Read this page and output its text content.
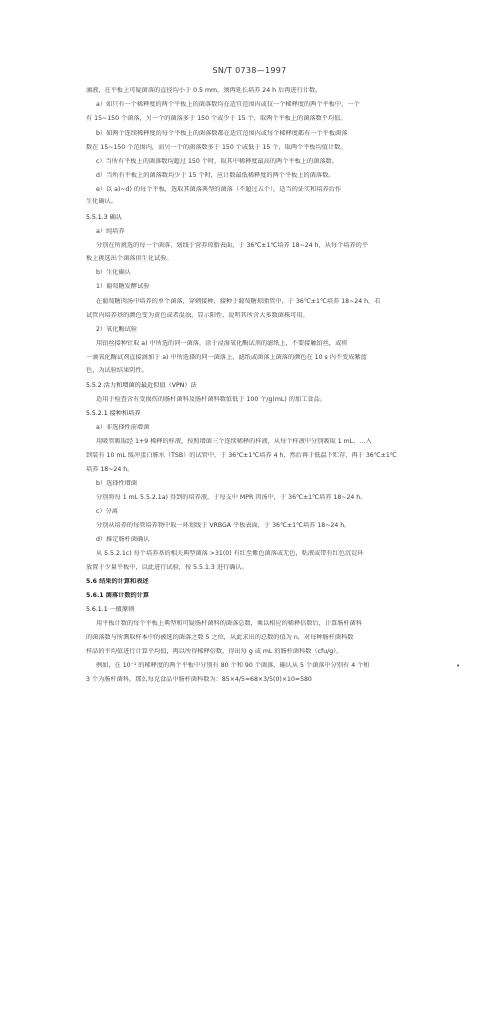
SN/T 0738—1997
滴液，在平板上可疑菌落的直径均小于 0.5 mm，须再延长培养 24 h 后再进行计数。
a）如只有一个稀释度的两个平板上的菌落数均在适宜范围内或仅一个稀释度的两个平板中，一个
有 15~150 个菌落，另一个的菌落多于 150 个或少于 15 个，取两个平板上的菌落数平均值。
b）如两个连续稀释度的每个平板上的菌落数都在适宜范围内或每个稀释度都有一个平板菌落
数在 15~150 个范围内，而另一个的菌落数多于 150 个或低于 15 个，取两个平板均值计数。
c）当所有平板上的菌落数均超过 150 个时，取其中稀释度最高的两个平板上的菌落数。
d）当所有平板上的菌落数均少于 15 个时，应计数最低稀释度的两个平板上的菌落数。
e）以 a)~d) 的每个平板，选取其菌落典型的菌落（不超过五个），适当的证实和培养后作
生化确认。
5.5.1.3 确认
a）纯培养
分别在所挑选的每一个菌落，划线于营养琼脂表面，于 36℃±1℃培养 18~24 h，从每个培养的平
板上挑选出个菌落供生化试验。
b）生化确认
1）葡萄糖发酵试验
在葡萄糖肉汤中培养的单个菌落，穿刺接种，接种于葡萄糖琼脂管中，于 36℃±1℃培养 18~24 h，若
试管内培养基的颜色变为黄色或者混浊，显示阳性，说明其所含大多数菌株可用。
2）氧化酶试验
用铂丝接种针取 a) 中所选的同一菌落，涂于浸湿氧化酶试剂的滤纸上，不要接触铂丝，或将
一滴氧化酶试剂直接滴加于 a) 中所选择的同一菌落上，滤纸或菌落上菌落的颜色在 10 s 内不变成紫蓝
色，为试验结果阴性。
5.5.2 活力和增菌的最近似值（VPN）法
适用于检查含有受损伤的肠杆菌科及肠杆菌科数值低于 100 个/g(mL) 的加工食品。
5.5.2.1 接种和培养
a）非选择性前增菌
用吸管吸取经 1+9 稀释的样液，按照增菌三个连续稀释的样液，从每个样液中分别吸取 1 mL，…入
到装有 10 mL 缓冲蛋白胨水（TSB）的试管中，于 36℃±1℃培养 4 h，然后再于低温下贮存，再于 36℃±1℃
培养 18~24 h。
b）选择性增菌
分别将每 1 mL 5.5.2.1a) 得到的培养液，于每支中 MPR 肉汤中，于 36℃±1℃培养 18~24 h。
c）分离
分别从培养的每管培养物中取一环划线于 VRBGA 平板表面，于 36℃±1℃培养 18~24 h。
d）推定肠杆菌确认
从 5.5.2.1c) 每个培养基的相关典型菌落 >31(0) 有红至紫色菌落或无色，粘液或带有红色沉淀环
放置于少量平板中，以此进行试验，按 5.5.1.3 进行确认。
5.6 结果的计算和表述
5.6.1 菌落计数的计算
5.6.1.1 一般原则
用平板计数的每个平板上典型和可疑肠杆菌科的菌落总数，乘以相应的稀释倍数后，计算肠杆菌科
的菌落数与所测取样本中的被选的菌落之数 5 之位，从此求出的总数的值为 n，对每种肠杆菌科数
样品的平均值进行计算平均值，再以所得稀释倍数，得出每 g 或 mL 的肠杆菌科数（cfu/g）。
例如，在 10⁻¹ 的稀释度的两个平板中分别有 80 个和 90 个菌落，确认从 5 个菌落中分别有 4 个和
3 个为肠杆菌科，那么每克食品中肠杆菌科数为：85×4/5=68×3/5(0)×10=580
•
